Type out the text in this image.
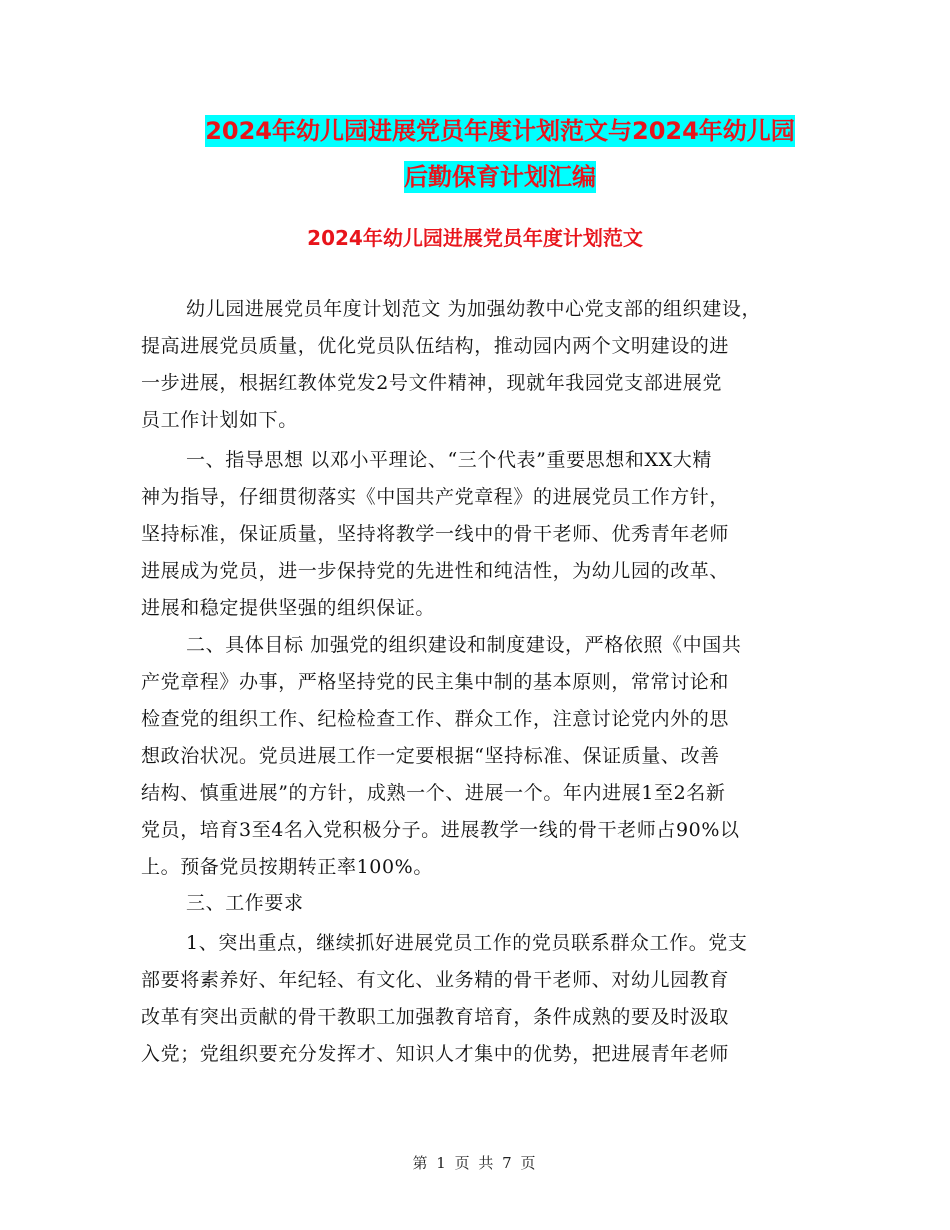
2024年幼儿园进展党员年度计划范文与2024年幼儿园
后勤保育计划汇编
2024年幼儿园进展党员年度计划范文
幼儿园进展党员年度计划范文 为加强幼教中心党支部的组织建设，
提高进展党员质量，优化党员队伍结构，推动园内两个文明建设的进
一步进展，根据红教体党发2号文件精神，现就年我园党支部进展党
员工作计划如下。
一、指导思想 以邓小平理论、“三个代表”重要思想和XX大精
神为指导，仔细贯彻落实《中国共产党章程》的进展党员工作方针，
坚持标准，保证质量，坚持将教学一线中的骨干老师、优秀青年老师
进展成为党员，进一步保持党的先进性和纯洁性，为幼儿园的改革、
进展和稳定提供坚强的组织保证。
二、具体目标 加强党的组织建设和制度建设，严格依照《中国共
产党章程》办事，严格坚持党的民主集中制的基本原则，常常讨论和
检查党的组织工作、纪检检查工作、群众工作，注意讨论党内外的思
想政治状况。党员进展工作一定要根据“坚持标准、保证质量、改善
结构、慎重进展”的方针，成熟一个、进展一个。年内进展1至2名新
党员，培育3至4名入党积极分子。进展教学一线的骨干老师占90%以
上。预备党员按期转正率100%。
三、工作要求
1、突出重点，继续抓好进展党员工作的党员联系群众工作。党支
部要将素养好、年纪轻、有文化、业务精的骨干老师、对幼儿园教育
改革有突出贡献的骨干教职工加强教育培育，条件成熟的要及时汲取
入党；党组织要充分发挥才、知识人才集中的优势，把进展青年老师
第 1 页 共 7 页
